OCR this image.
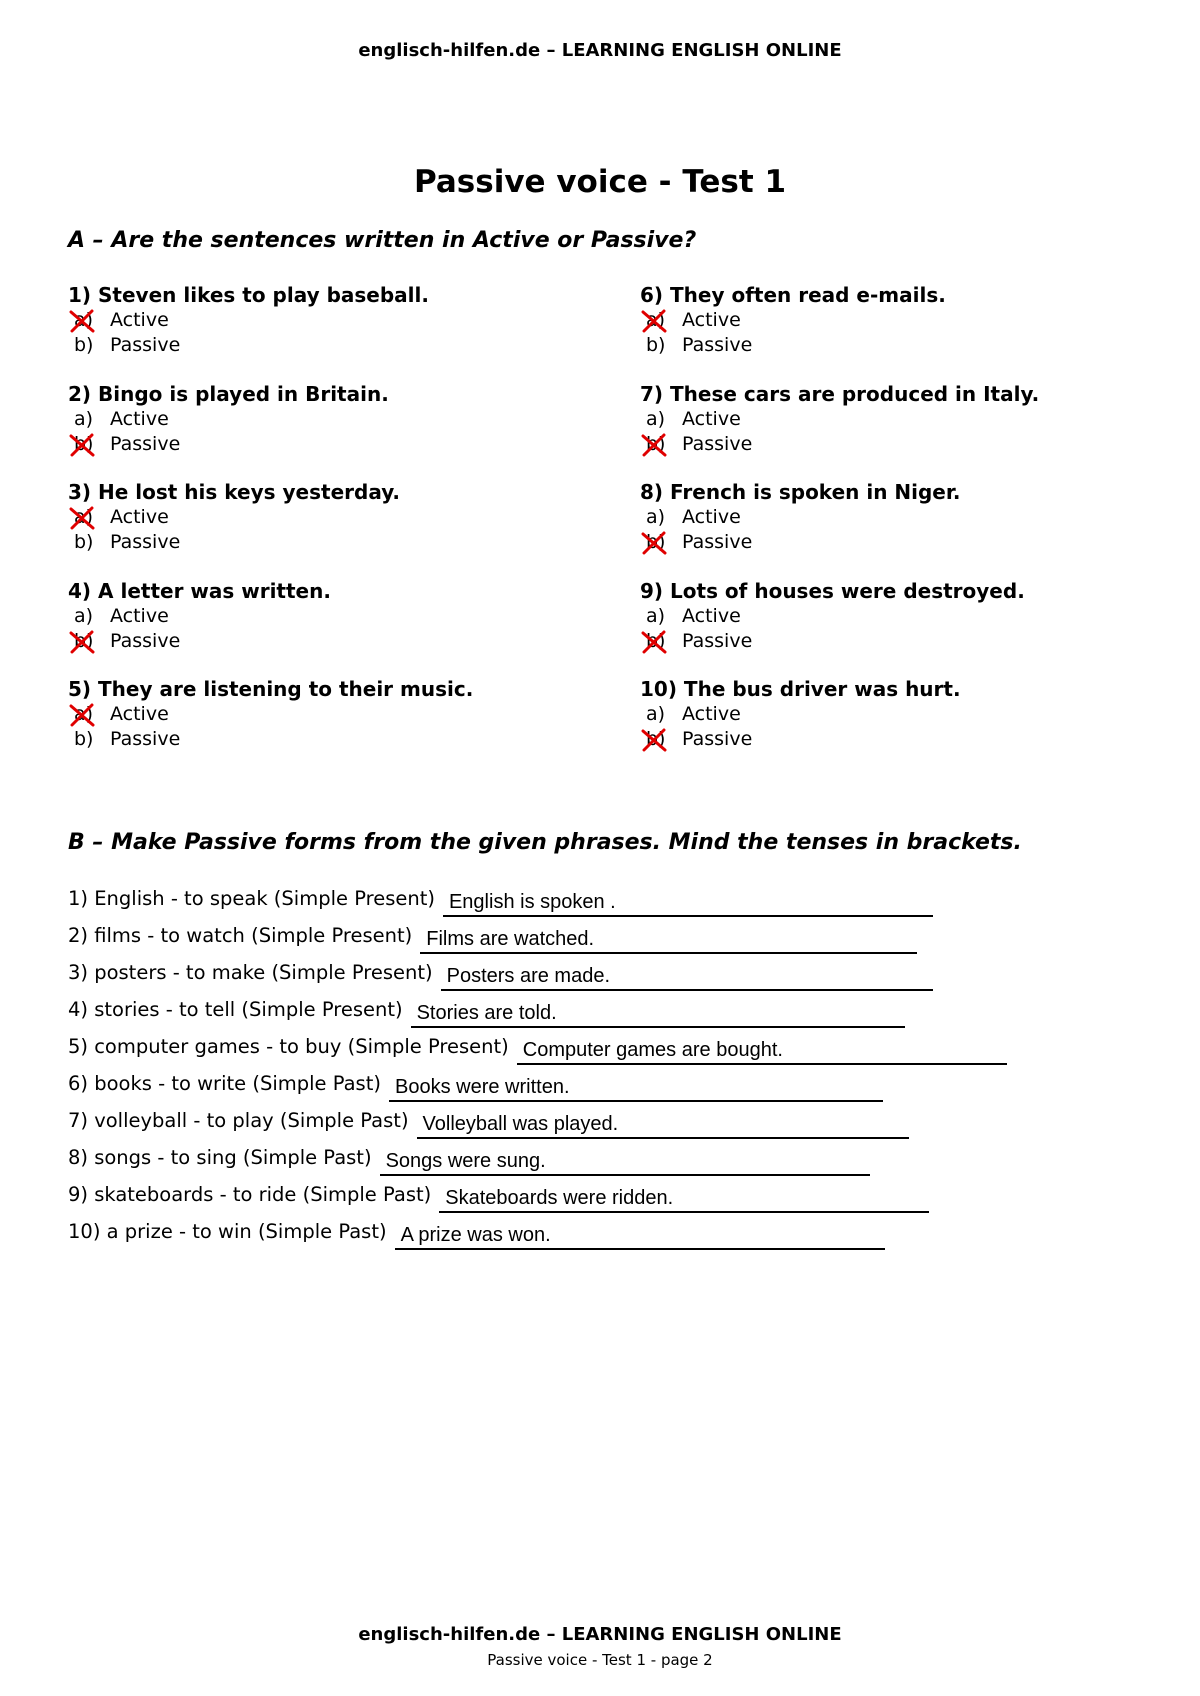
englisch-hilfen.de – LEARNING ENGLISH ONLINE
Passive voice - Test 1
A – Are the sentences written in Active or Passive?
1) Steven likes to play baseball.
a) Active
b) Passive
2) Bingo is played in Britain.
a) Active
b) Passive
3) He lost his keys yesterday.
a) Active
b) Passive
4) A letter was written.
a) Active
b) Passive
5) They are listening to their music.
a) Active
b) Passive
6) They often read e-mails.
a) Active
b) Passive
7) These cars are produced in Italy.
a) Active
b) Passive
8) French is spoken in Niger.
a) Active
b) Passive
9) Lots of houses were destroyed.
a) Active
b) Passive
10) The bus driver was hurt.
a) Active
b) Passive
B – Make Passive forms from the given phrases. Mind the tenses in brackets.
1) English - to speak (Simple Present) English is spoken .
2) films - to watch (Simple Present) Films are watched.
3) posters - to make (Simple Present) Posters are made.
4) stories - to tell (Simple Present) Stories are told.
5) computer games - to buy (Simple Present) Computer games are bought.
6) books - to write (Simple Past) Books were written.
7) volleyball - to play (Simple Past) Volleyball was played.
8) songs - to sing (Simple Past) Songs were sung.
9) skateboards - to ride (Simple Past) Skateboards were ridden.
10) a prize - to win (Simple Past) A prize was won.
englisch-hilfen.de – LEARNING ENGLISH ONLINE
Passive voice - Test 1 - page 2
